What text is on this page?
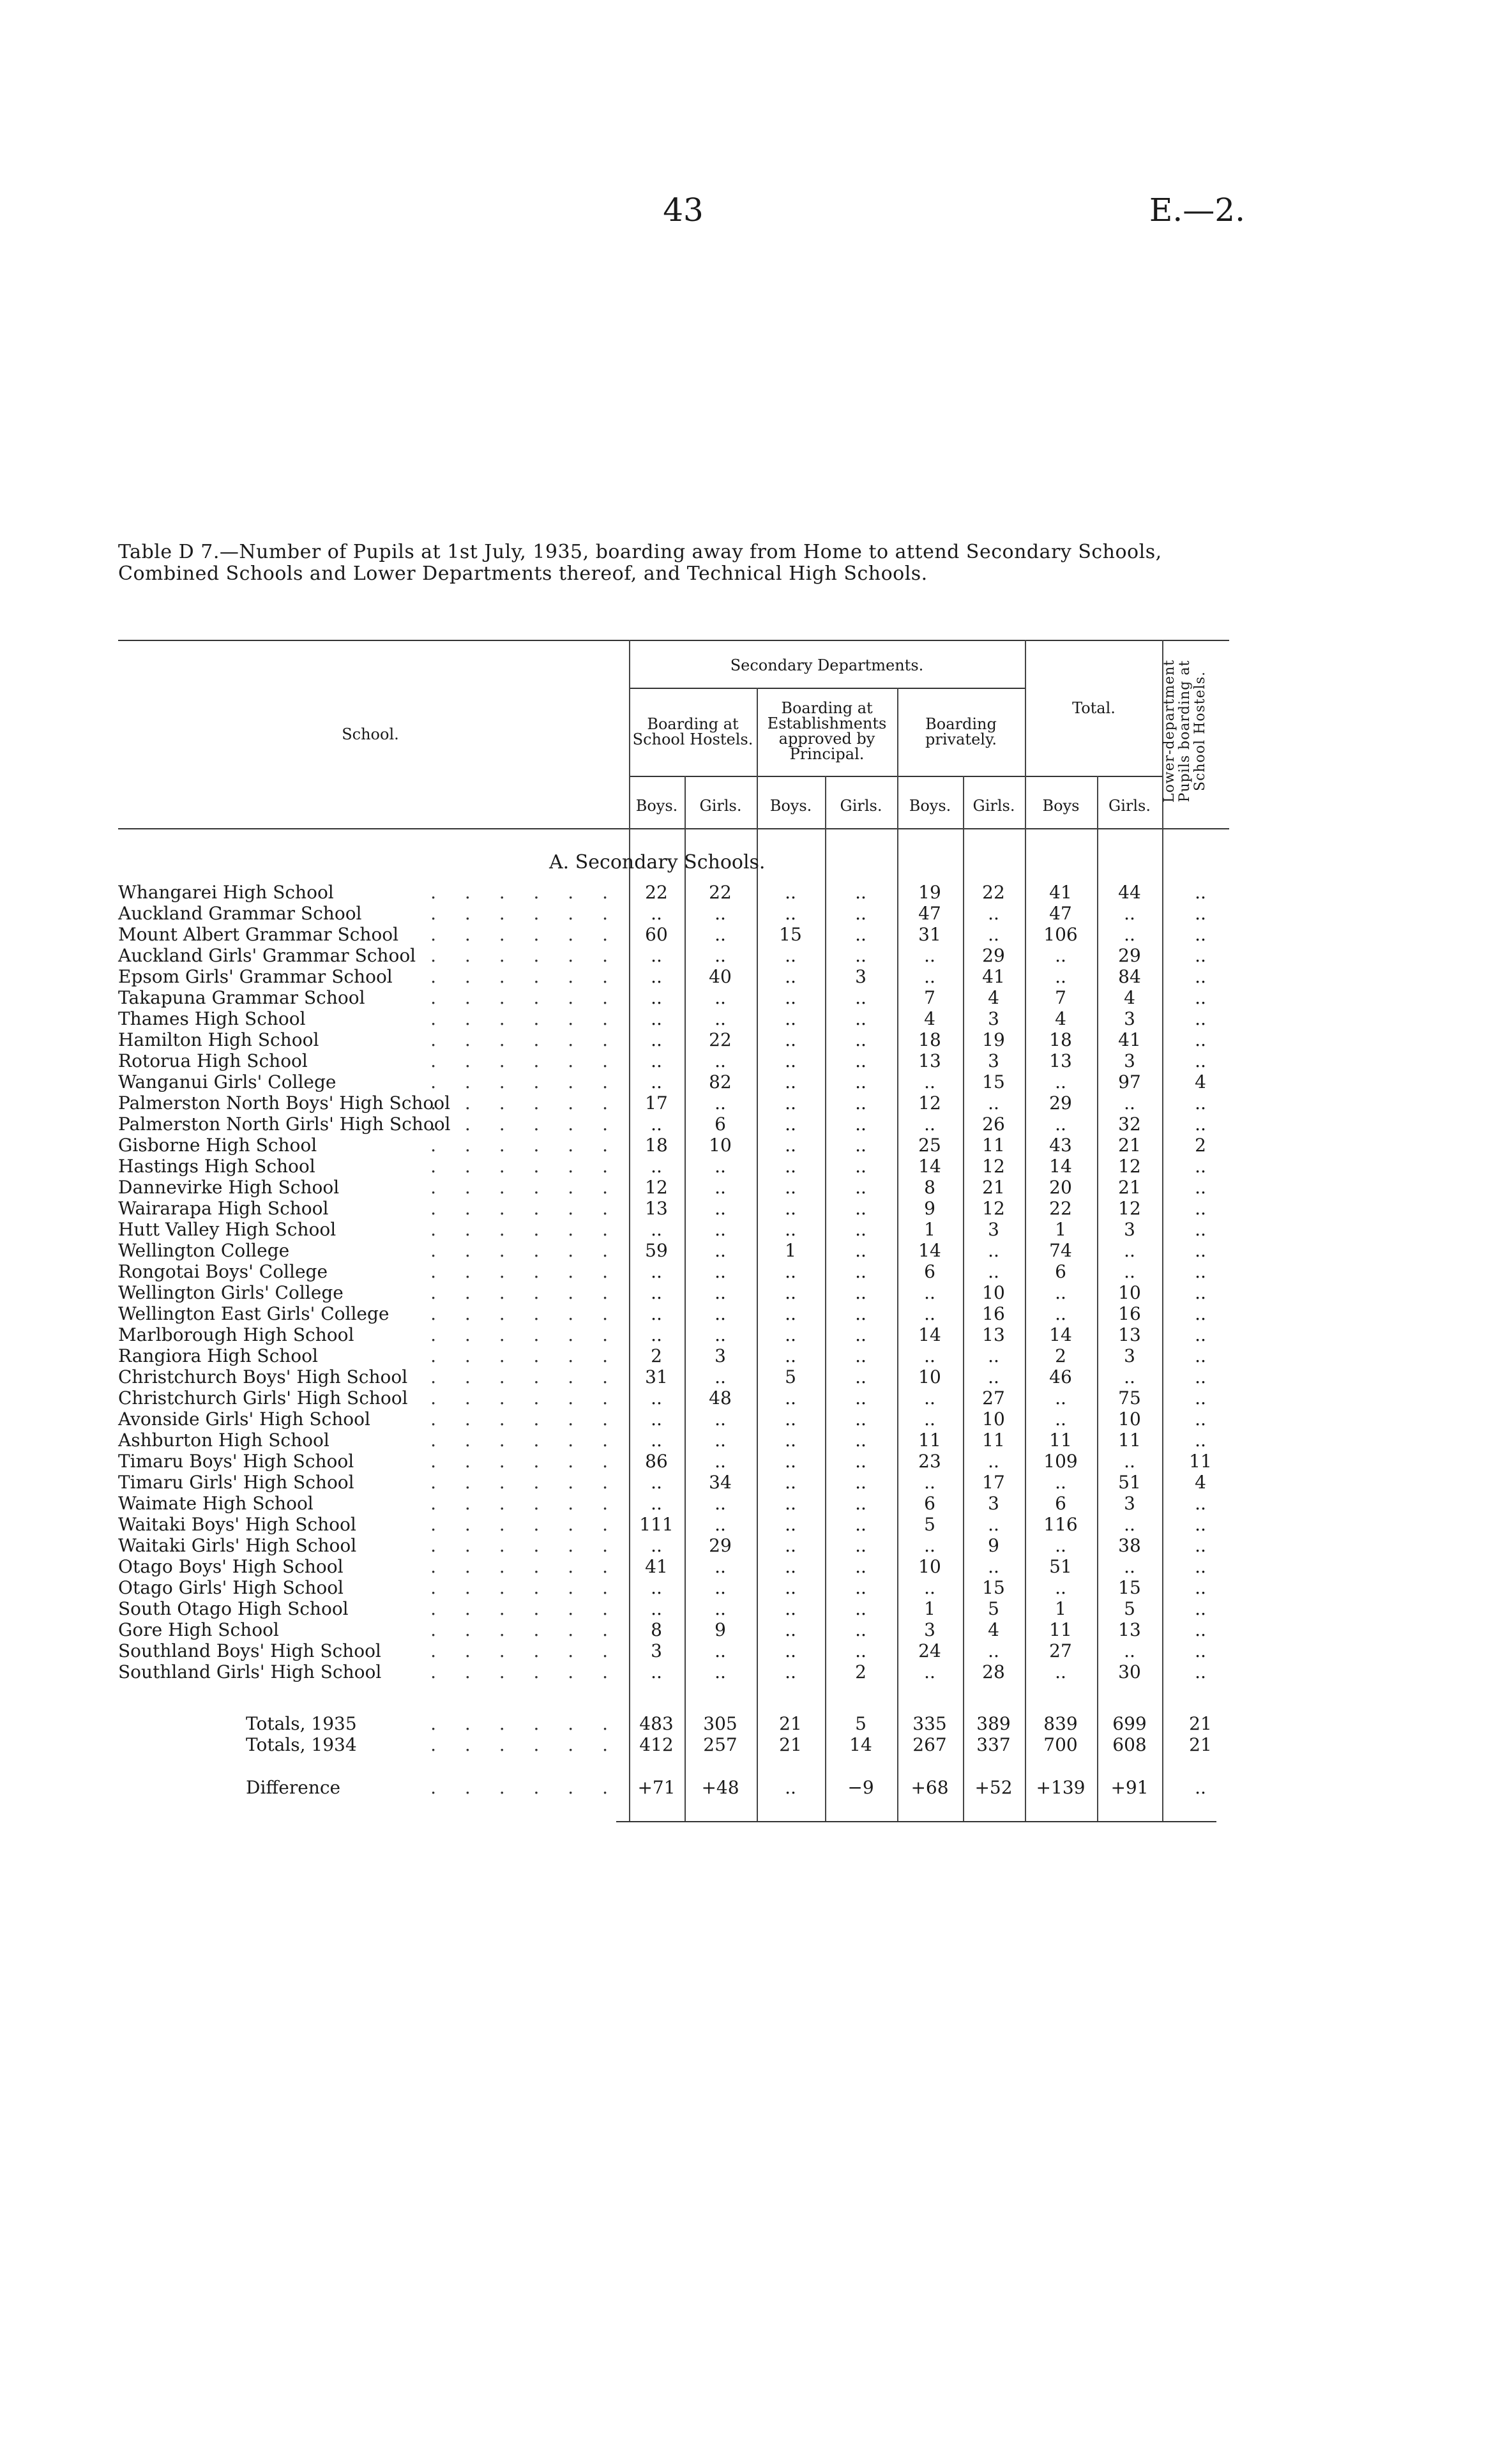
43	E.—2.
Table D 7.—Number of Pupils at 1st July, 1935, boarding away from Home to attend Secondary Schools, Combined Schools and Lower Departments thereof, and Technical High Schools.
School.
Secondary Departments.
Boarding at School Hostels.
Boarding at Establishments approved by Principal.
Boarding privately.
Total.	Lower-department Pupils boarding at School Hostels.
Boys.	Girls.	Boys.	Girls.	Boys.	Girls.	Boys	Girls.
A. Secondary Schools.
. . . . . .
Whangarei High School	22	22	..	..	19	22	41	44	..
. . . . . .
Auckland Grammar School	..	..	..	..	47	..	47	..	..
. . . . . .
Mount Albert Grammar School	60	..	15	..	31	..	106	..	..
. . . . . .
Auckland Girls' Grammar School	..	..	..	..	..	29	..	29	..
. . . . . .
Epsom Girls' Grammar School	..	40	..	3	..	41	..	84	..
. . . . . .
Takapuna Grammar School	..	..	..	..	7	4	7	4	..
. . . . . .
Thames High School	..	..	..	..	4	3	4	3	..
. . . . . .
Hamilton High School	..	22	..	..	18	19	18	41	..
. . . . . .
Rotorua High School	..	..	..	..	13	3	13	3	..
. . . . . .
Wanganui Girls' College	..	82	..	..	..	15	..	97	4
. . . . . .
Palmerston North Boys' High School	17	..	..	..	12	..	29	..	..
. . . . . .
Palmerston North Girls' High School	..	6	..	..	..	26	..	32	..
. . . . . .
Gisborne High School	18	10	..	..	25	11	43	21	2
. . . . . .
Hastings High School	..	..	..	..	14	12	14	12	..
. . . . . .
Dannevirke High School	12	..	..	..	8	21	20	21	..
. . . . . .
Wairarapa High School	13	..	..	..	9	12	22	12	..
. . . . . .
Hutt Valley High School	..	..	..	..	1	3	1	3	..
. . . . . .
Wellington College	59	..	1	..	14	..	74	..	..
. . . . . .
Rongotai Boys' College	..	..	..	..	6	..	6	..	..
. . . . . .
Wellington Girls' College	..	..	..	..	..	10	..	10	..
. . . . . .
Wellington East Girls' College	..	..	..	..	..	16	..	16	..
. . . . . .
Marlborough High School	..	..	..	..	14	13	14	13	..
. . . . . .
Rangiora High School	2	3	..	..	..	..	2	3	..
. . . . . .
Christchurch Boys' High School	31	..	5	..	10	..	46	..	..
. . . . . .
Christchurch Girls' High School	..	48	..	..	..	27	..	75	..
. . . . . .
Avonside Girls' High School	..	..	..	..	..	10	..	10	..
. . . . . .
Ashburton High School	..	..	..	..	11	11	11	11	..
. . . . . .
Timaru Boys' High School	86	..	..	..	23	..	109	..	11
. . . . . .
Timaru Girls' High School	..	34	..	..	..	17	..	51	4
. . . . . .
Waimate High School	..	..	..	..	6	3	6	3	..
. . . . . .
Waitaki Boys' High School	111	..	..	..	5	..	116	..	..
. . . . . .
Waitaki Girls' High School	..	29	..	..	..	9	..	38	..
. . . . . .
Otago Boys' High School	41	..	..	..	10	..	51	..	..
. . . . . .
Otago Girls' High School	..	..	..	..	..	15	..	15	..
. . . . . .
South Otago High School	..	..	..	..	1	5	1	5	..
. . . . . .
Gore High School	8	9	..	..	3	4	11	13	..
. . . . . .
Southland Boys' High School	3	..	..	..	24	..	27	..	..
. . . . . .
Southland Girls' High School	..	..	..	2	..	28	..	30	..
. . . . . .
Totals, 1935	483	305	21	5	335	389	839	699	21
. . . . . .
Totals, 1934	412	257	21	14	267	337	700	608	21
. . . . . .
Difference	+71	+48	..	−9	+68	+52	+139	+91	..
